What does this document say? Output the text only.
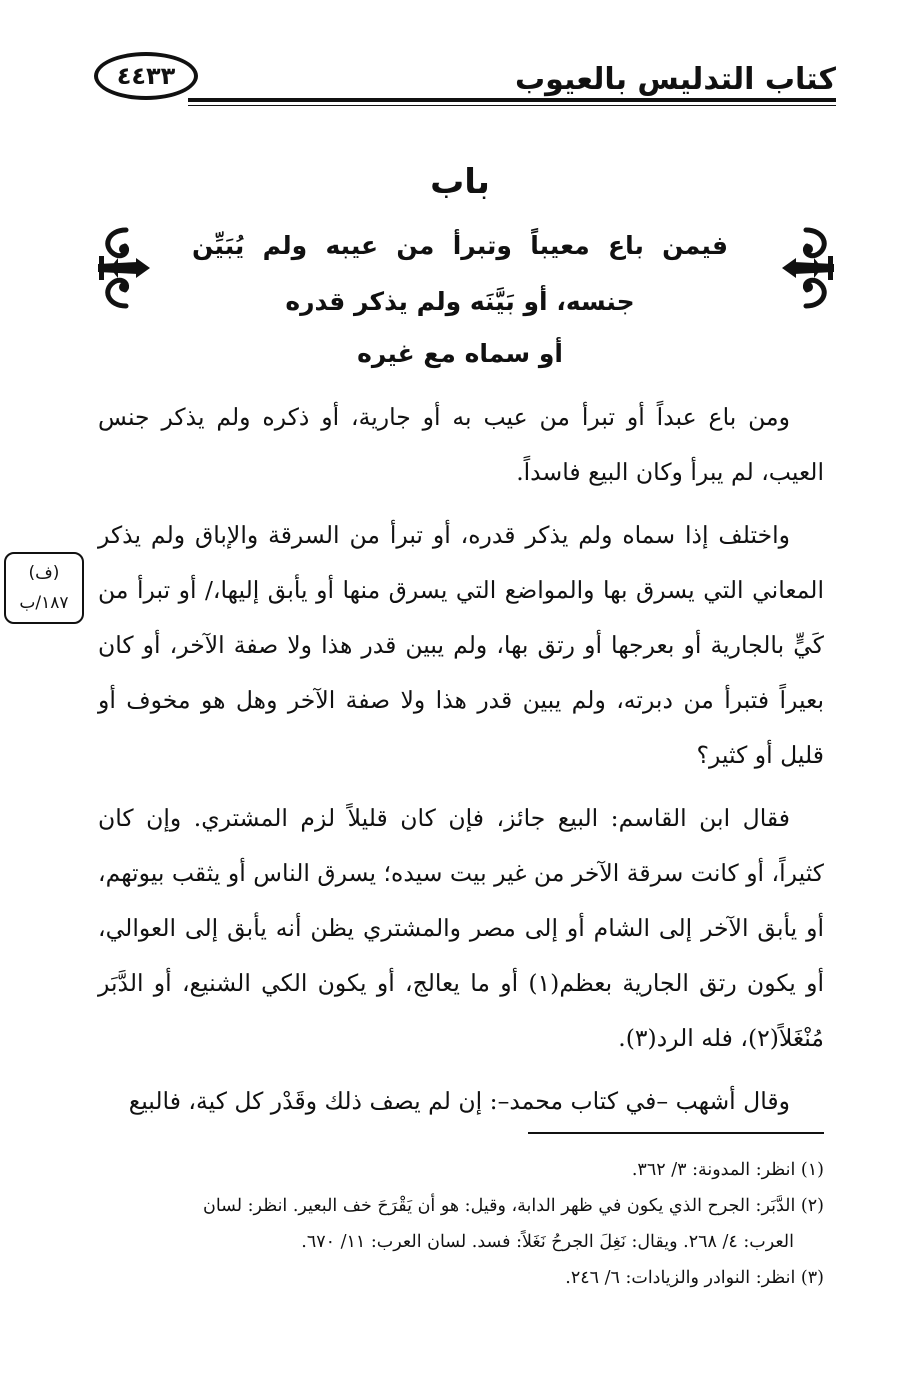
كتاب التدليس بالعيوب
٤٤٣٣
باب
فيمن باع معيباً وتبرأ من عيبه ولم يُبَيِّن جنسه، أو بَيَّنَه ولم يذكر قدره
أو سماه مع غيره
(ف)
١٨٧/ب

ومن باع عبداً أو تبرأ من عيب به أو جارية، أو ذكره ولم يذكر جنس العيب، لم يبرأ وكان البيع فاسداً.

واختلف إذا سماه ولم يذكر قدره، أو تبرأ من السرقة والإباق ولم يذكر المعاني التي يسرق بها والمواضع التي يسرق منها أو يأبق إليها،/ أو تبرأ من كَيٍّ بالجارية أو بعرجها أو رتق بها، ولم يبين قدر هذا ولا صفة الآخر، أو كان بعيراً فتبرأ من دبرته، ولم يبين قدر هذا ولا صفة الآخر وهل هو مخوف أو قليل أو كثير؟

فقال ابن القاسم: البيع جائز، فإن كان قليلاً لزم المشتري. وإن كان كثيراً، أو كانت سرقة الآخر من غير بيت سيده؛ يسرق الناس أو يثقب بيوتهم، أو يأبق الآخر إلى الشام أو إلى مصر والمشتري يظن أنه يأبق إلى العوالي، أو يكون رتق الجارية بعظم(١) أو ما يعالج، أو يكون الكي الشنيع، أو الدَّبَر مُنْغَلاً(٢)، فله الرد(٣).

وقال أشهب –في كتاب محمد–: إن لم يصف ذلك وقَدْر كل كية، فالبيع

(١) انظر: المدونة: ٣/ ٣٦٢.

(٢) الدَّبَر: الجرح الذي يكون في ظهر الدابة، وقيل: هو أن يَقْرَحَ خف البعير. انظر: لسان

العرب: ٤/ ٢٦٨. ويقال: نَغِلَ الجرحُ نَغَلاً: فسد. لسان العرب: ١١/ ٦٧٠.

(٣) انظر: النوادر والزيادات: ٦/ ٢٤٦.
